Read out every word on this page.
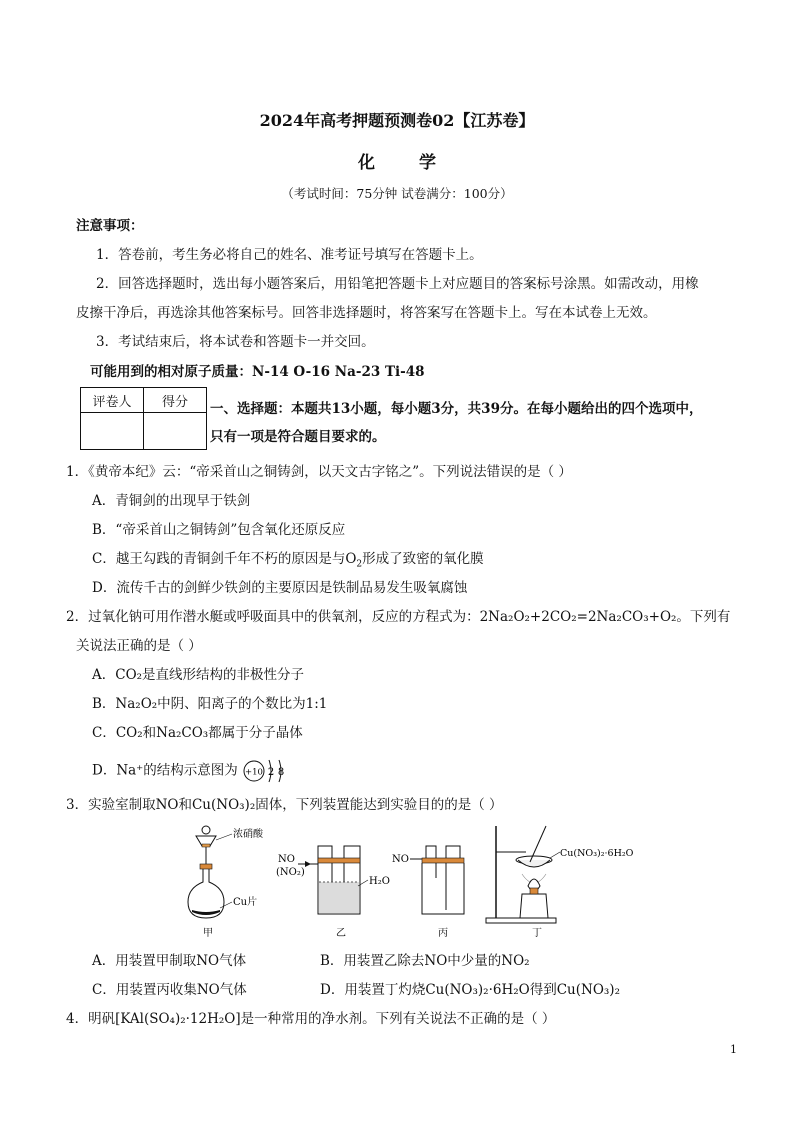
2024年高考押题预测卷02【江苏卷】
化	学
（考试时间：75分钟 试卷满分：100分）
注意事项：
1．答卷前，考生务必将自己的姓名、准考证号填写在答题卡上。
2．回答选择题时，选出每小题答案后，用铅笔把答题卡上对应题目的答案标号涂黑。如需改动，用橡
皮擦干净后，再选涂其他答案标号。回答非选择题时，将答案写在答题卡上。写在本试卷上无效。
3．考试结束后，将本试卷和答题卡一并交回。
可能用到的相对原子质量：N-14 O-16 Na-23 Ti-48
评卷人	得分
	一、选择题：本题共13小题，每小题3分，共39分。在每小题给出的四个选项中，
只有一项是符合题目要求的。
1．《黄帝本纪》云：“帝采首山之铜铸剑，以天文古字铭之”。下列说法错误的是（ ）
A．青铜剑的出现早于铁剑
B．“帝采首山之铜铸剑”包含氧化还原反应
C．越王勾践的青铜剑千年不朽的原因是与$O_2$形成了致密的氧化膜
D．流传千古的剑鲜少铁剑的主要原因是铁制品易发生吸氧腐蚀
2．过氧化钠可用作潜水艇或呼吸面具中的供氧剂，反应的方程式为：2Na₂O₂+2CO₂=2Na₂CO₃+O₂。下列有
关说法正确的是（ ）
A．CO₂是直线形结构的非极性分子
B．Na₂O₂中阴、阳离子的个数比为1:1
C．CO₂和Na₂CO₃都属于分子晶体
D．Na⁺的结构示意图为 +10 2 8
3．实验室制取NO和Cu(NO₃)₂固体，下列装置能达到实验目的的是（ ）
浓硝酸
Cu片
甲
NO
(NO₂)
H₂O
乙
NO
丙
Cu(NO₃)₂·6H₂O
丁
A．用装置甲制取NO气体	B．用装置乙除去NO中少量的NO₂
C．用装置丙收集NO气体	D．用装置丁灼烧Cu(NO₃)₂·6H₂O得到Cu(NO₃)₂
4．明矾[KAl(SO₄)₂·12H₂O]是一种常用的净水剂。下列有关说法不正确的是（ ）
1
